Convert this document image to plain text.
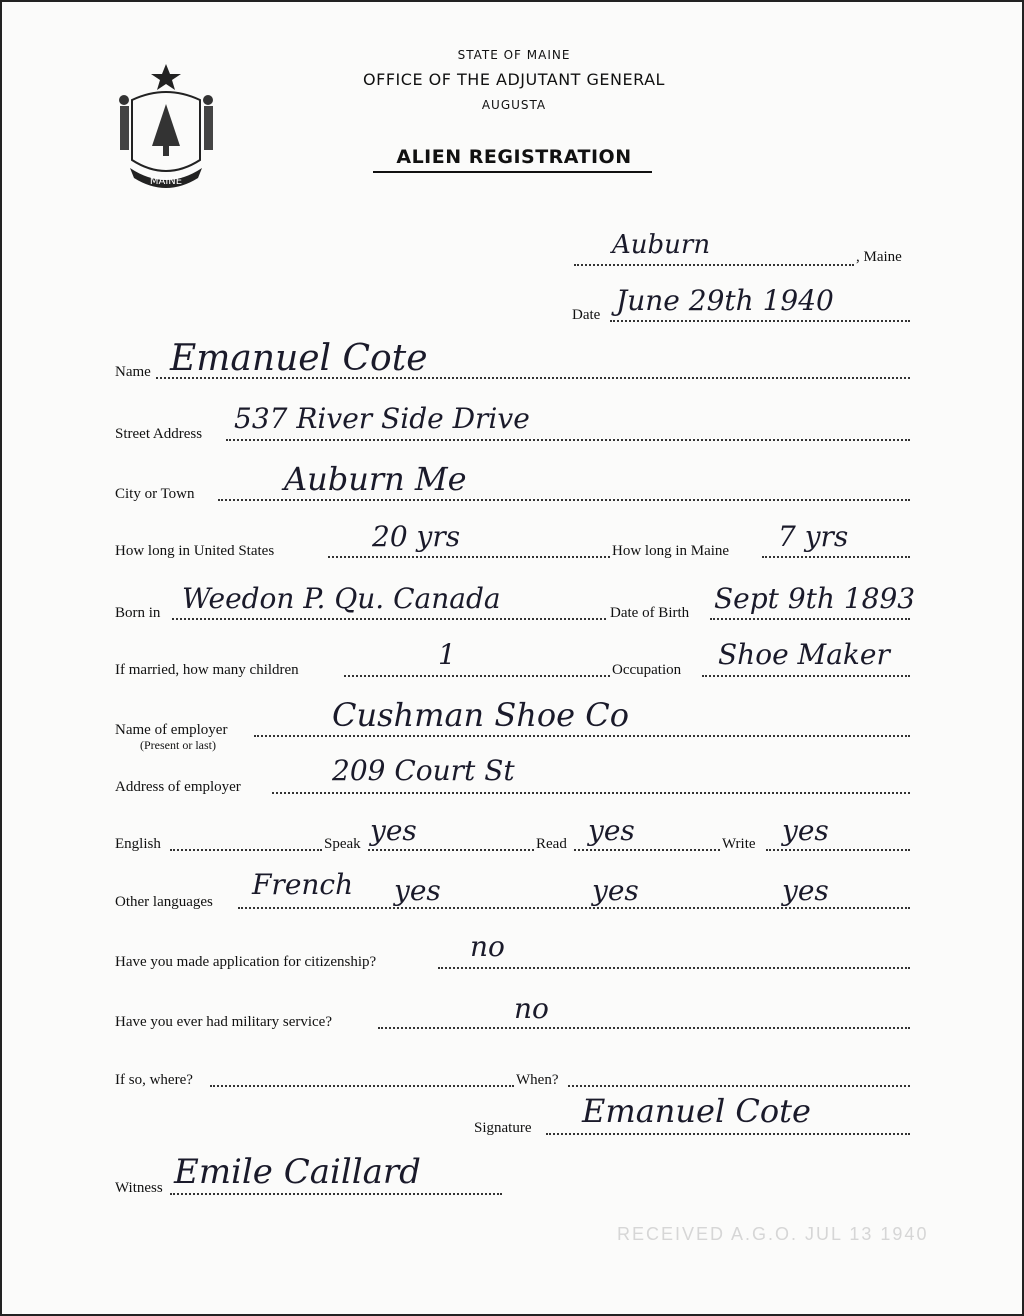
MAINE
STATE OF MAINE
OFFICE OF THE ADJUTANT GENERAL
AUGUSTA
ALIEN REGISTRATION
Auburn	, Maine
Date June 29th 1940
Name Emanuel Cote
Street Address 537 River Side Drive
City or Town	Auburn Me
How long in United States	20 yrs	How long in Maine 7 yrs
Born in Weedon P. Qu. Canada	Date of Birth Sept 9th 1893
If married, how many children	1	Occupation Shoe Maker
Name of employer
(Present or last)
Cushman Shoe Co
Address of employer	209 Court St
English	Speak yes	Read yes	Write yes
Other languages
French yes	yes	yes
Have you made application for citizenship?	no
Have you ever had military service?	no
If so, where?	When?
Signature Emanuel Cote
Witness Emile Caillard
RECEIVED A.G.O. JUL 13 1940
